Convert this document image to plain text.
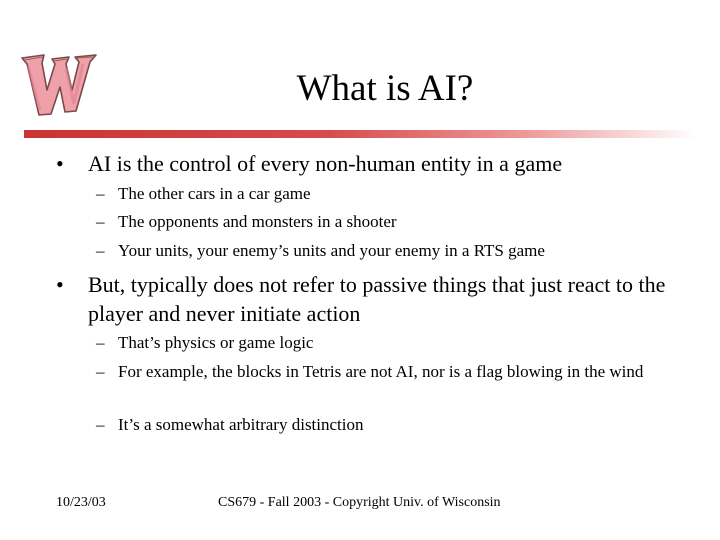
What is AI?
•	AI is the control of every non-human entity in a game
– The other cars in a car game
– The opponents and monsters in a shooter
– Your units, your enemy’s units and your enemy in a RTS game
•	But, typically does not refer to passive things that just react to the player and never initiate action
– That’s physics or game logic
– For example, the blocks in Tetris are not AI, nor is a flag blowing in the wind
– It’s a somewhat arbitrary distinction
10/23/03	CS679 - Fall 2003 - Copyright Univ. of Wisconsin
